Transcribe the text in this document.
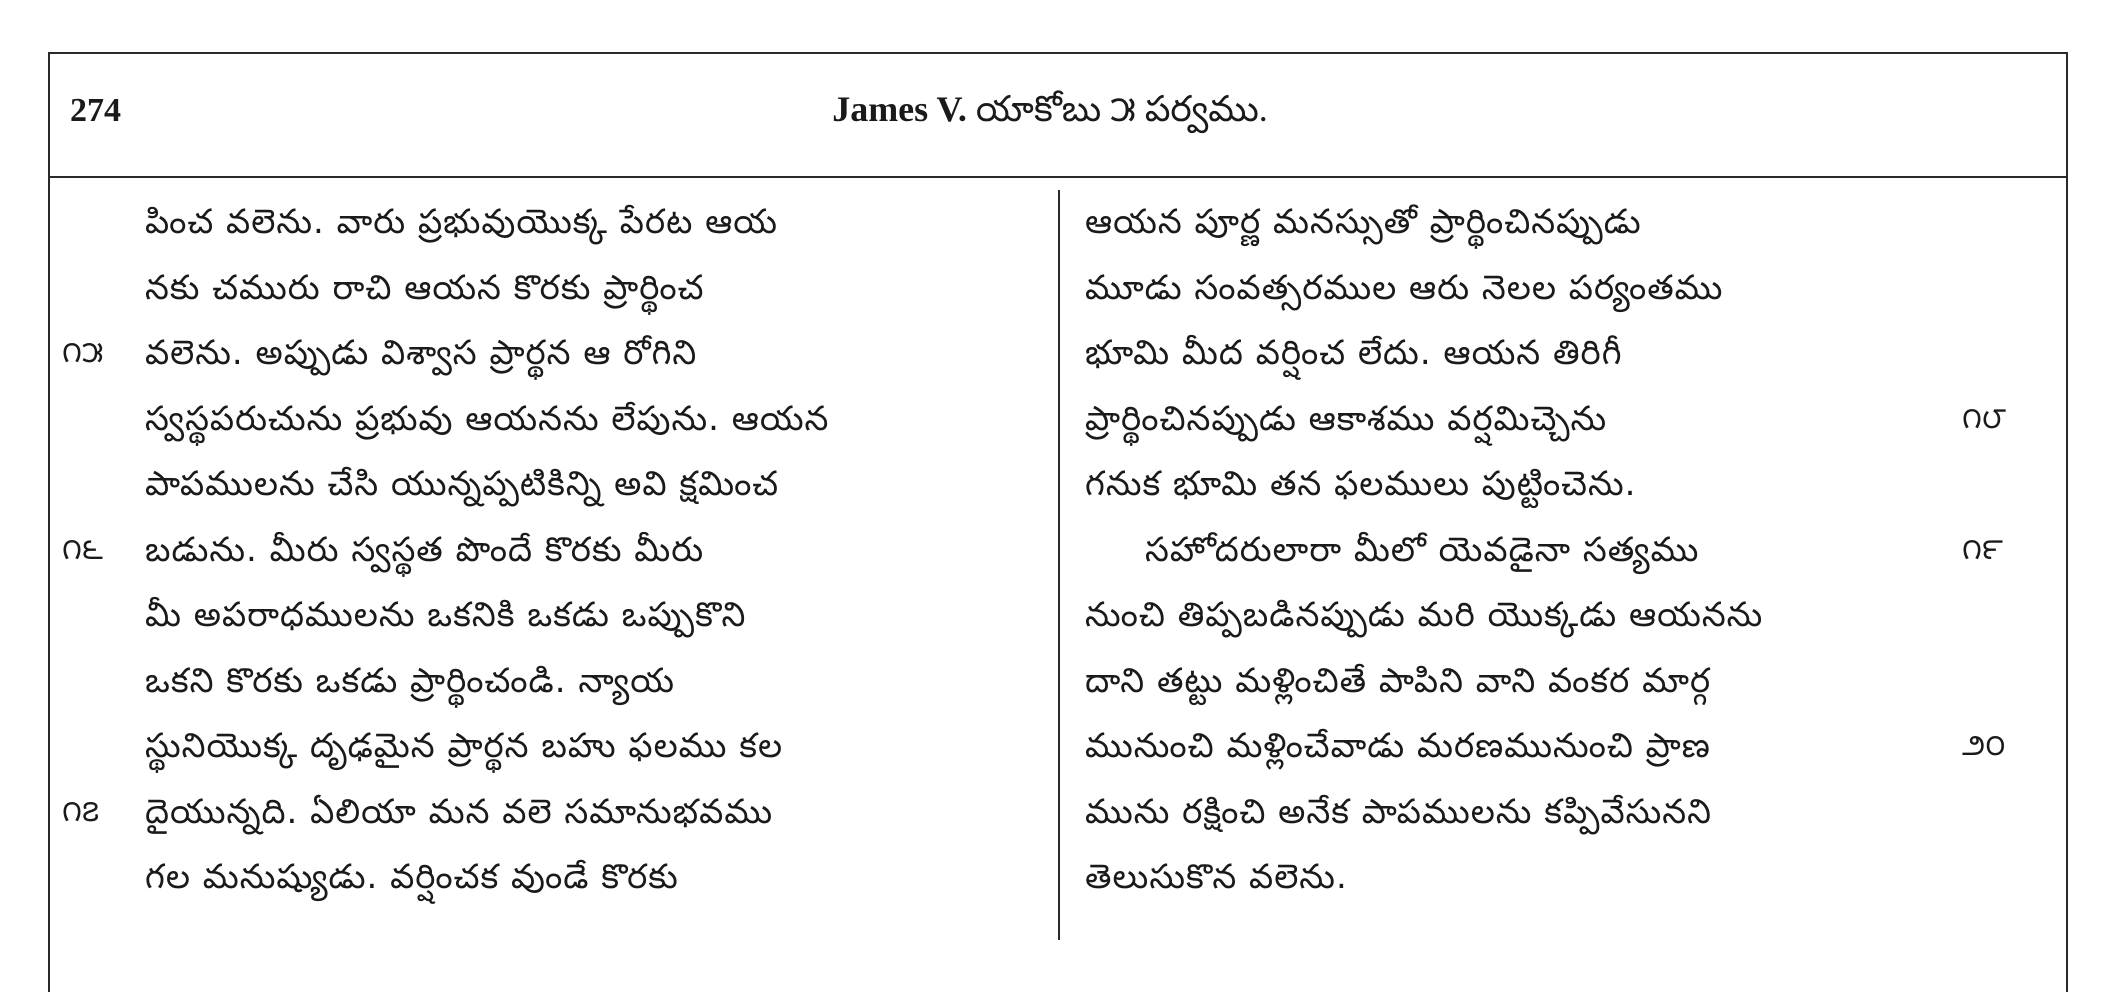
274	James V. యాకోబు ౫ పర్వము.
పించ వలెను. వారు ప్రభువుయొక్క పేరట ఆయ
నకు చమురు రాచి ఆయన కొరకు ప్రార్థించ
వలెను. అప్పుడు విశ్వాస ప్రార్థన ఆ రోగిని
స్వస్థపరుచును ప్రభువు ఆయనను లేపును. ఆయన
పాపములను చేసి యున్నప్పటికిన్ని అవి క్షమించ
బడును. మీరు స్వస్థత పొందే కొరకు మీరు
మీ అపరాధములను ఒకనికి ఒకడు ఒప్పుకొని
ఒకని కొరకు ఒకడు ప్రార్థించండి. న్యాయ
స్థునియొక్క దృఢమైన ప్రార్థన బహు ఫలము కల
దైయున్నది. ఏలియా మన వలె సమానుభవము
గల మనుష్యుడు. వర్షించక వుండే కొరకు
ఆయన పూర్ణ మనస్సుతో ప్రార్థించినప్పుడు
మూడు సంవత్సరముల ఆరు నెలల పర్యంతము
భూమి మీద వర్షించ లేదు. ఆయన తిరిగీ
ప్రార్థించినప్పుడు ఆకాశము వర్షమిచ్చెను
గనుక భూమి తన ఫలములు పుట్టించెను.
సహోదరులారా మీలో యెవడైనా సత్యము
నుంచి తిప్పబడినప్పుడు మరి యొక్కడు ఆయనను
దాని తట్టు మళ్లించితే పాపిని వాని వంకర మార్గ
మునుంచి మళ్లించేవాడు మరణమునుంచి ప్రాణ
మును రక్షించి అనేక పాపములను కప్పివేసునని
తెలుసుకొన వలెను.
౧౫
౧౬
౧౭
౧౮
౧౯
౨౦
